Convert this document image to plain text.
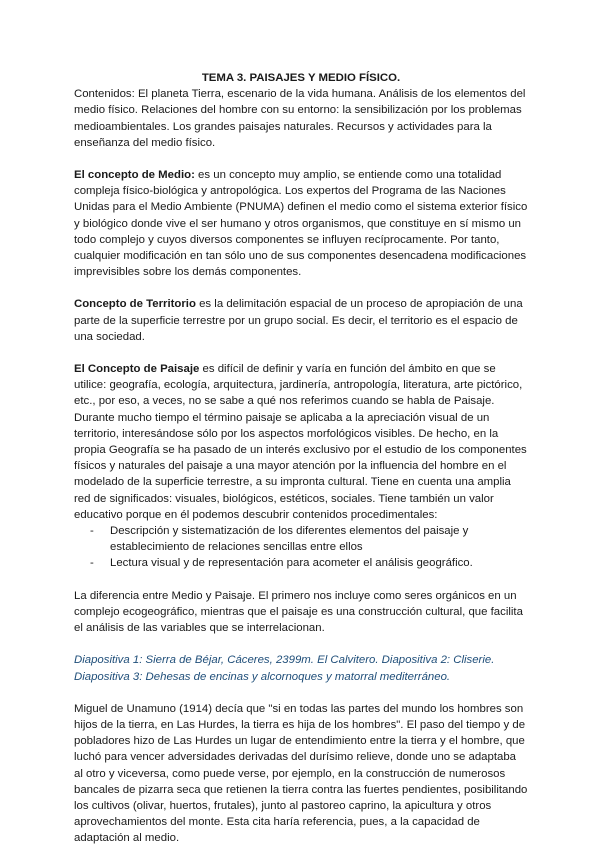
TEMA 3. PAISAJES Y MEDIO FÍSICO.

Contenidos: El planeta Tierra, escenario de la vida humana. Análisis de los elementos del medio físico. Relaciones del hombre con su entorno: la sensibilización por los problemas medioambientales. Los grandes paisajes naturales. Recursos y actividades para la enseñanza del medio físico.

El concepto de Medio: es un concepto muy amplio, se entiende como una totalidad compleja físico-biológica y antropológica. Los expertos del Programa de las Naciones Unidas para el Medio Ambiente (PNUMA) definen el medio como el sistema exterior físico y biológico donde vive el ser humano y otros organismos, que constituye en sí mismo un todo complejo y cuyos diversos componentes se influyen recíprocamente. Por tanto, cualquier modificación en tan sólo uno de sus componentes desencadena modificaciones imprevisibles sobre los demás componentes.

Concepto de Territorio es la delimitación espacial de un proceso de apropiación de una parte de la superficie terrestre por un grupo social. Es decir, el territorio es el espacio de una sociedad.

El Concepto de Paisaje es difícil de definir y varía en función del ámbito en que se utilice: geografía, ecología, arquitectura, jardinería, antropología, literatura, arte pictórico, etc., por eso, a veces, no se sabe a qué nos referimos cuando se habla de Paisaje. Durante mucho tiempo el término paisaje se aplicaba a la apreciación visual de un territorio, interesándose sólo por los aspectos morfológicos visibles. De hecho, en la propia Geografía se ha pasado de un interés exclusivo por el estudio de los componentes físicos y naturales del paisaje a una mayor atención por la influencia del hombre en el modelado de la superficie terrestre, a su impronta cultural. Tiene en cuenta una amplia red de significados: visuales, biológicos, estéticos, sociales. Tiene también un valor educativo porque en él podemos descubrir contenidos procedimentales:

- Descripción y sistematización de los diferentes elementos del paisaje y establecimiento de relaciones sencillas entre ellos
- Lectura visual y de representación para acometer el análisis geográfico.

La diferencia entre Medio y Paisaje. El primero nos incluye como seres orgánicos en un complejo ecogeográfico, mientras que el paisaje es una construcción cultural, que facilita el análisis de las variables que se interrelacionan.

Diapositiva 1: Sierra de Béjar, Cáceres, 2399m. El Calvitero. Diapositiva 2: Cliserie. Diapositiva 3: Dehesas de encinas y alcornoques y matorral mediterráneo.

Miguel de Unamuno (1914) decía que "si en todas las partes del mundo los hombres son hijos de la tierra, en Las Hurdes, la tierra es hija de los hombres". El paso del tiempo y de pobladores hizo de Las Hurdes un lugar de entendimiento entre la tierra y el hombre, que luchó para vencer adversidades derivadas del durísimo relieve, donde uno se adaptaba al otro y viceversa, como puede verse, por ejemplo, en la construcción de numerosos bancales de pizarra seca que retienen la tierra contra las fuertes pendientes, posibilitando los cultivos (olivar, huertos, frutales), junto al pastoreo caprino, la apicultura y otros aprovechamientos del monte. Esta cita haría referencia, pues, a la capacidad de adaptación al medio.
